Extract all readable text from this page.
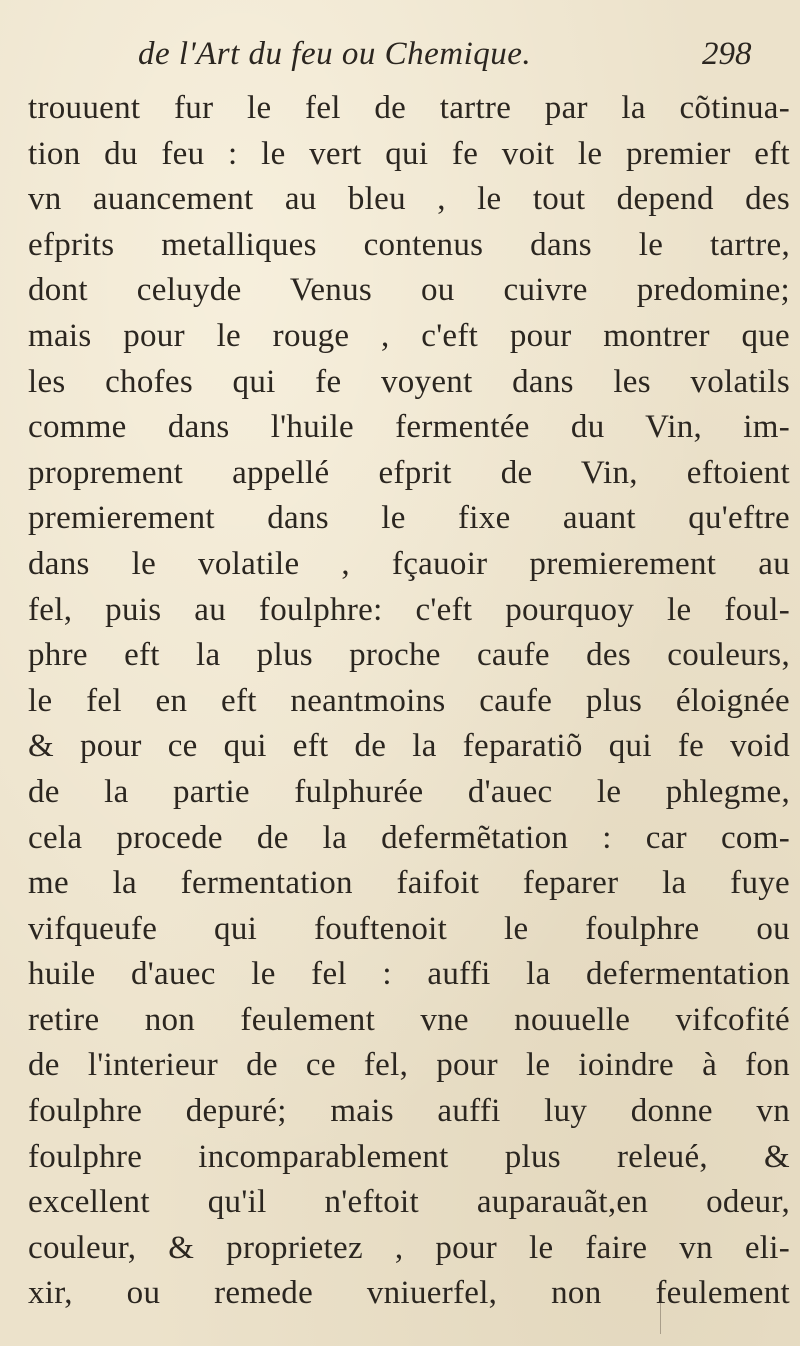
de l'Art du feu ou Chemique.	298
trouuent fur le fel de tartre par la cõtinua-
tion du feu : le vert qui fe voit le premier eft
vn auancement au bleu , le tout depend des
efprits metalliques contenus dans le tartre,
dont celuyde Venus ou cuivre predomine;
mais pour le rouge , c'eft pour montrer que
les chofes qui fe voyent dans les volatils
comme dans l'huile fermentée du Vin, im-
proprement appellé efprit de Vin, eftoient
premierement dans le fixe auant qu'eftre
dans le volatile , fçauoir premierement au
fel, puis au foulphre: c'eft pourquoy le foul-
phre eft la plus proche caufe des couleurs,
le fel en eft neantmoins caufe plus éloignée
& pour ce qui eft de la feparatiõ qui fe void
de la partie fulphurée d'auec le phlegme,
cela procede de la defermẽtation : car com-
me la fermentation faifoit feparer la fuye
vifqueufe qui fouftenoit le foulphre ou
huile d'auec le fel : auffi la defermentation
retire non feulement vne nouuelle vifcofité
de l'interieur de ce fel, pour le ioindre à fon
foulphre depuré; mais auffi luy donne vn
foulphre incomparablement plus releué, &
excellent qu'il n'eftoit auparauãt,en odeur,
couleur, & proprietez , pour le faire vn eli-
xir, ou remede vniuerfel, non feulement
